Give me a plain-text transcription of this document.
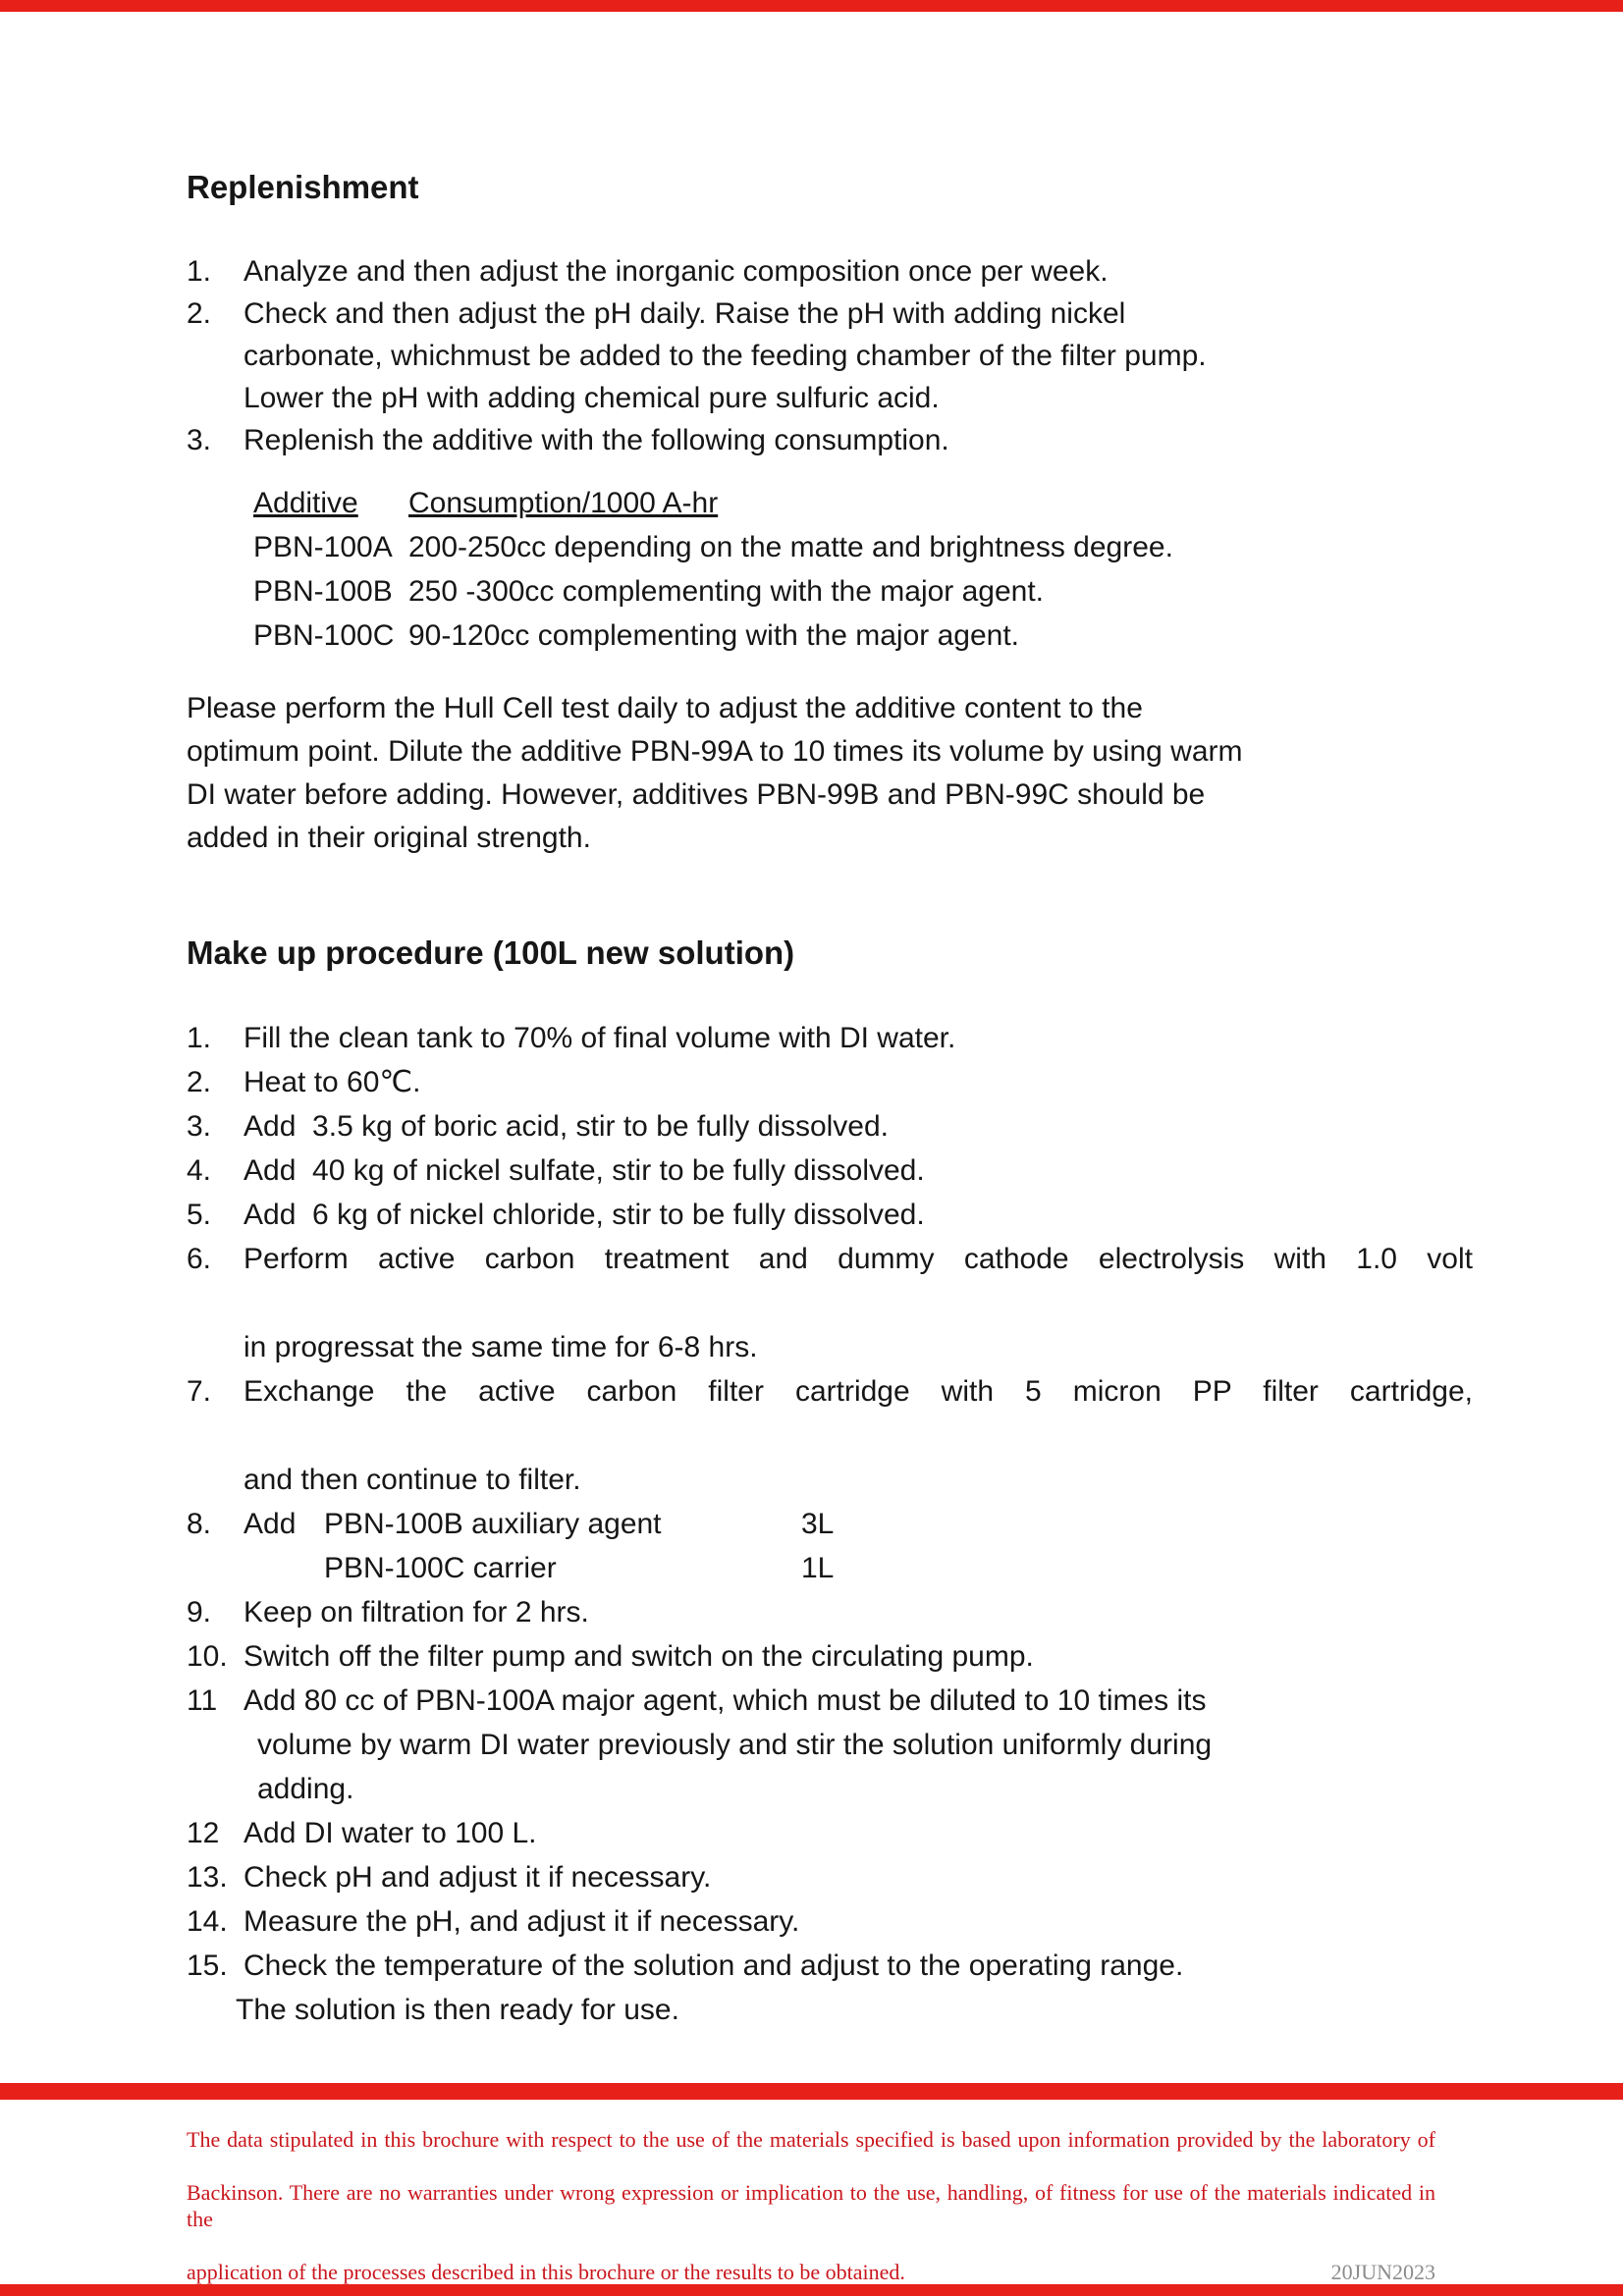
Replenishment
1.	Analyze and then adjust the inorganic composition once per week.
2.	Check and then adjust the pH daily. Raise the pH with adding nickel
carbonate, whichmust be added to the feeding chamber of the filter pump.
Lower the pH with adding chemical pure sulfuric acid.
3.	Replenish the additive with the following consumption.
Additive	Consumption/1000 A-hr
PBN-100A 200-250cc depending on the matte and brightness degree.
PBN-100B 250 -300cc complementing with the major agent.
PBN-100C 90-120cc complementing with the major agent.
Please perform the Hull Cell test daily to adjust the additive content to the
optimum point. Dilute the additive PBN-99A to 10 times its volume by using warm
DI water before adding. However, additives PBN-99B and PBN-99C should be
added in their original strength.
Make up procedure (100L new solution)
1.	Fill the clean tank to 70% of final volume with DI water.
2.	Heat to 60℃.
3.	Add  3.5 kg of boric acid, stir to be fully dissolved.
4.	Add  40 kg of nickel sulfate, stir to be fully dissolved.
5.	Add  6 kg of nickel chloride, stir to be fully dissolved.
6.	Perform active carbon treatment and dummy cathode electrolysis with 1.0 volt
in progressat the same time for 6-8 hrs.
7.	Exchange the active carbon filter cartridge with 5 micron PP filter cartridge,
and then continue to filter.
8.	Add PBN-100B auxiliary agent	3L
PBN-100C carrier	1L
9.	Keep on filtration for 2 hrs.
10. Switch off the filter pump and switch on the circulating pump.
11 Add 80 cc of PBN-100A major agent, which must be diluted to 10 times its
volume by warm DI water previously and stir the solution uniformly during
adding.
12 Add DI water to 100 L.
13. Check pH and adjust it if necessary.
14. Measure the pH, and adjust it if necessary.
15. Check the temperature of the solution and adjust to the operating range.
The solution is then ready for use.
The data stipulated in this brochure with respect to the use of the materials specified is based upon information provided by the laboratory of
Backinson. There are no warranties under wrong expression or implication to the use, handling, of fitness for use of the materials indicated in the
application of the processes described in this brochure or the results to be obtained.	20JUN2023
